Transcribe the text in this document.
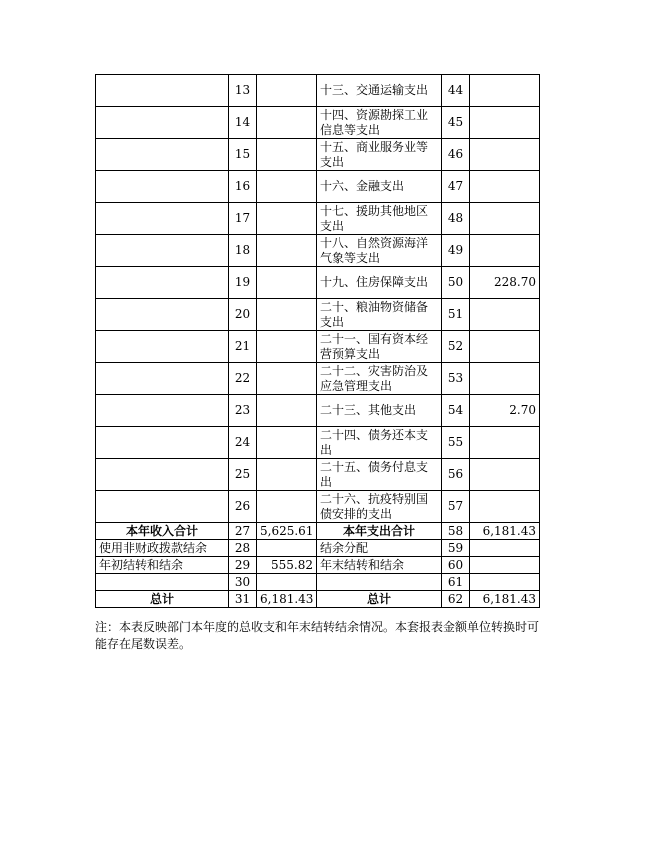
	13		十三、交通运输支出	44	
	14		十四、资源勘探工业信息等支出	45	
	15		十五、商业服务业等支出	46	
	16		十六、金融支出	47	
	17		十七、援助其他地区支出	48	
	18		十八、自然资源海洋气象等支出	49	
	19		十九、住房保障支出	50	228.70
	20		二十、粮油物资储备支出	51	
	21		二十一、国有资本经营预算支出	52	
	22		二十二、灾害防治及应急管理支出	53	
	23		二十三、其他支出	54	2.70
	24		二十四、债务还本支出	55	
	25		二十五、债务付息支出	56	
	26		二十六、抗疫特别国债安排的支出	57	
本年收入合计	27	5,625.61	本年支出合计	58	6,181.43
使用非财政拨款结余	28		结余分配	59	
年初结转和结余	29	555.82	年末结转和结余	60	
	30			61	
总计	31	6,181.43	总计	62	6,181.43
注：本表反映部门本年度的总收支和年末结转结余情况。本套报表金额单位转换时可能存在尾数误差。
